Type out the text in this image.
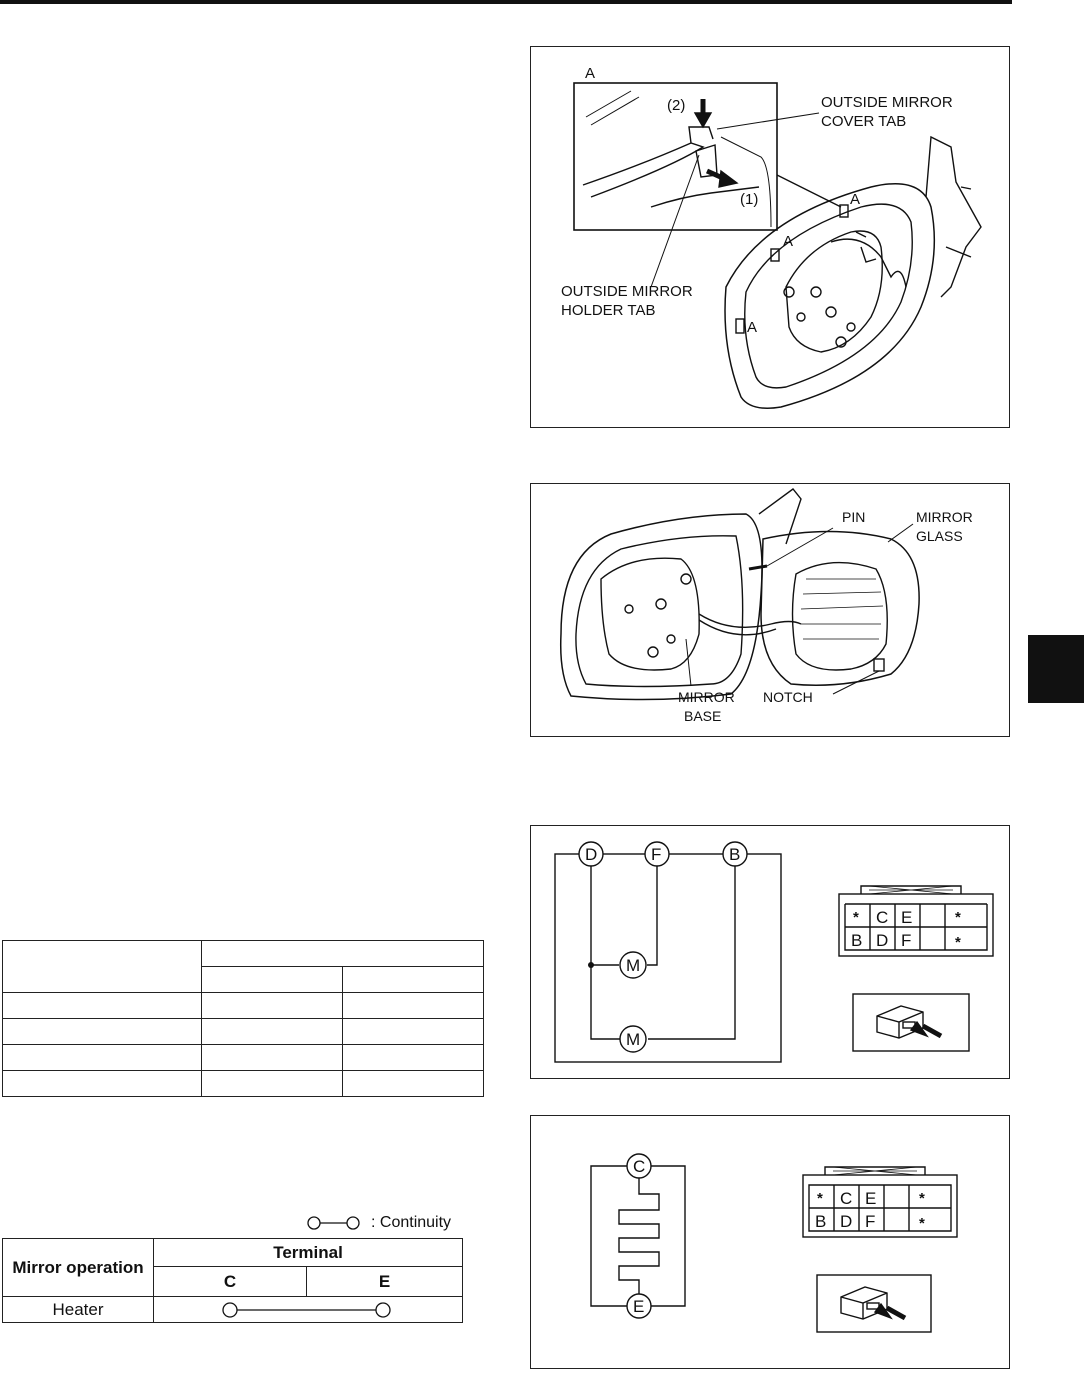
A
(2)
(1)
OUTSIDE MIRROR
COVER TAB
OUTSIDE MIRROR
HOLDER TAB
A
A
A
PIN	MIRROR
GLASS
MIRROR
BASE
NOTCH
D	F	B
M
M
* C E	*
B D F	*
C
E
* C E	*
B D F	*

: Continuity
Mirror operation	Terminal	
	C	E
Heater	
